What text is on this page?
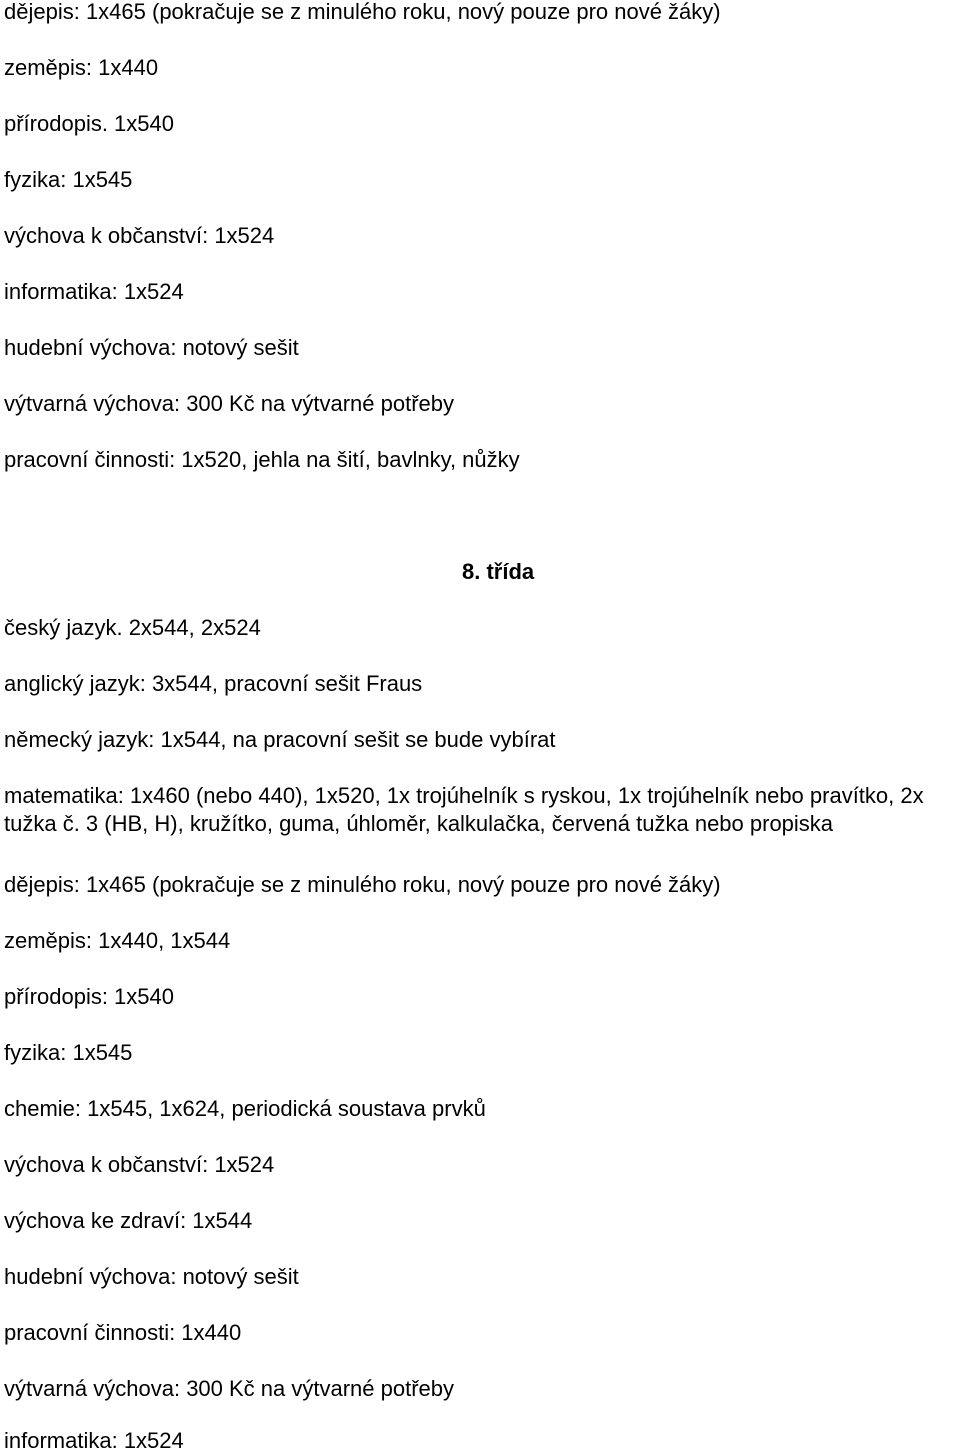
dějepis: 1x465 (pokračuje se z minulého roku, nový pouze pro nové žáky)
zeměpis: 1x440
přírodopis. 1x540
fyzika: 1x545
výchova k občanství: 1x524
informatika: 1x524
hudební výchova: notový sešit
výtvarná výchova: 300 Kč na výtvarné potřeby
pracovní činnosti: 1x520, jehla na šití, bavlnky, nůžky
8. třída
český jazyk. 2x544, 2x524
anglický jazyk: 3x544, pracovní sešit Fraus
německý jazyk: 1x544, na pracovní sešit se bude vybírat
matematika: 1x460 (nebo 440), 1x520, 1x trojúhelník s ryskou, 1x trojúhelník nebo pravítko, 2x tužka č. 3 (HB, H), kružítko, guma, úhloměr, kalkulačka, červená tužka nebo propiska
dějepis: 1x465 (pokračuje se z minulého roku, nový pouze pro nové žáky)
zeměpis: 1x440, 1x544
přírodopis: 1x540
fyzika: 1x545
chemie: 1x545, 1x624, periodická soustava prvků
výchova k občanství: 1x524
výchova ke zdraví: 1x544
hudební výchova: notový sešit
pracovní činnosti: 1x440
výtvarná výchova: 300 Kč na výtvarné potřeby
informatika: 1x524
